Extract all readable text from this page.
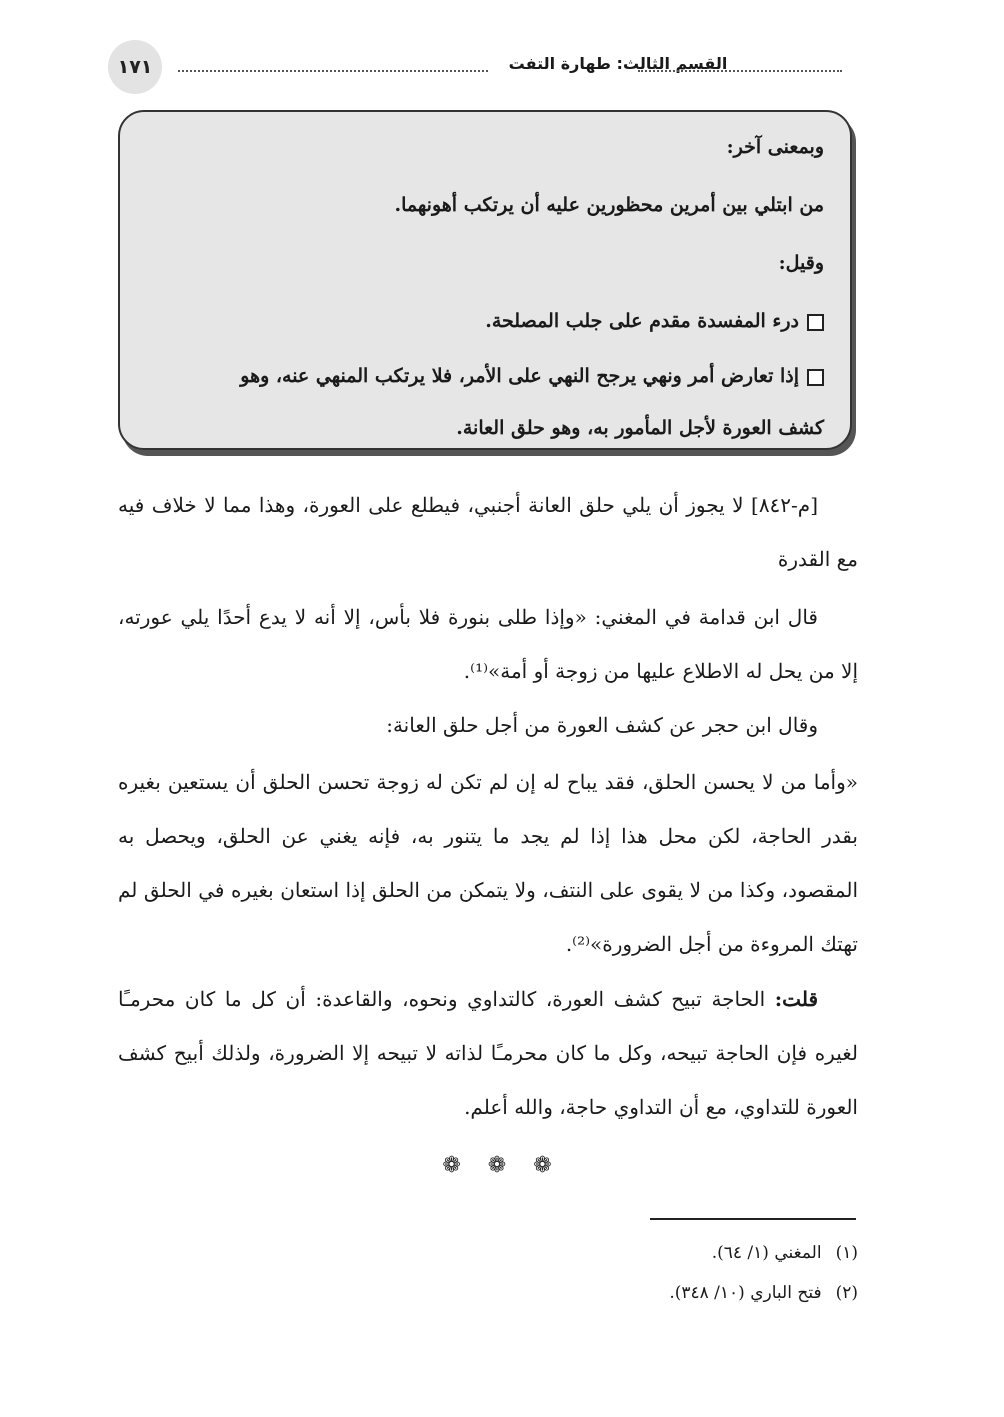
١٧١	القسم الثالث: طهارة التفت
وبمعنى آخر:
من ابتلي بين أمرين محظورين عليه أن يرتكب أهونهما.
وقيل:
درء المفسدة مقدم على جلب المصلحة.
إذا تعارض أمر ونهي يرجح النهي على الأمر، فلا يرتكب المنهي عنه، وهو
كشف العورة لأجل المأمور به، وهو حلق العانة.

[م-٨٤٢] لا يجوز أن يلي حلق العانة أجنبي، فيطلع على العورة، وهذا مما لا خلاف فيه مع القدرة

قال ابن قدامة في المغني: «وإذا طلى بنورة فلا بأس، إلا أنه لا يدع أحدًا يلي عورته، إلا من يحل له الاطلاع عليها من زوجة أو أمة»⁽¹⁾.

وقال ابن حجر عن كشف العورة من أجل حلق العانة:

«وأما من لا يحسن الحلق، فقد يباح له إن لم تكن له زوجة تحسن الحلق أن يستعين بغيره بقدر الحاجة، لكن محل هذا إذا لم يجد ما يتنور به، فإنه يغني عن الحلق، ويحصل به المقصود، وكذا من لا يقوى على النتف، ولا يتمكن من الحلق إذا استعان بغيره في الحلق لم تهتك المروءة من أجل الضرورة»⁽²⁾.

قلت: الحاجة تبيح كشف العورة، كالتداوي ونحوه، والقاعدة: أن كل ما كان محرمـًا لغيره فإن الحاجة تبيحه، وكل ما كان محرمـًا لذاته لا تبيحه إلا الضرورة، ولذلك أبيح كشف العورة للتداوي، مع أن التداوي حاجة، والله أعلم.

❁ ❁ ❁
(١)المغني (١/ ٦٤).
(٢)فتح الباري (١٠/ ٣٤٨).
